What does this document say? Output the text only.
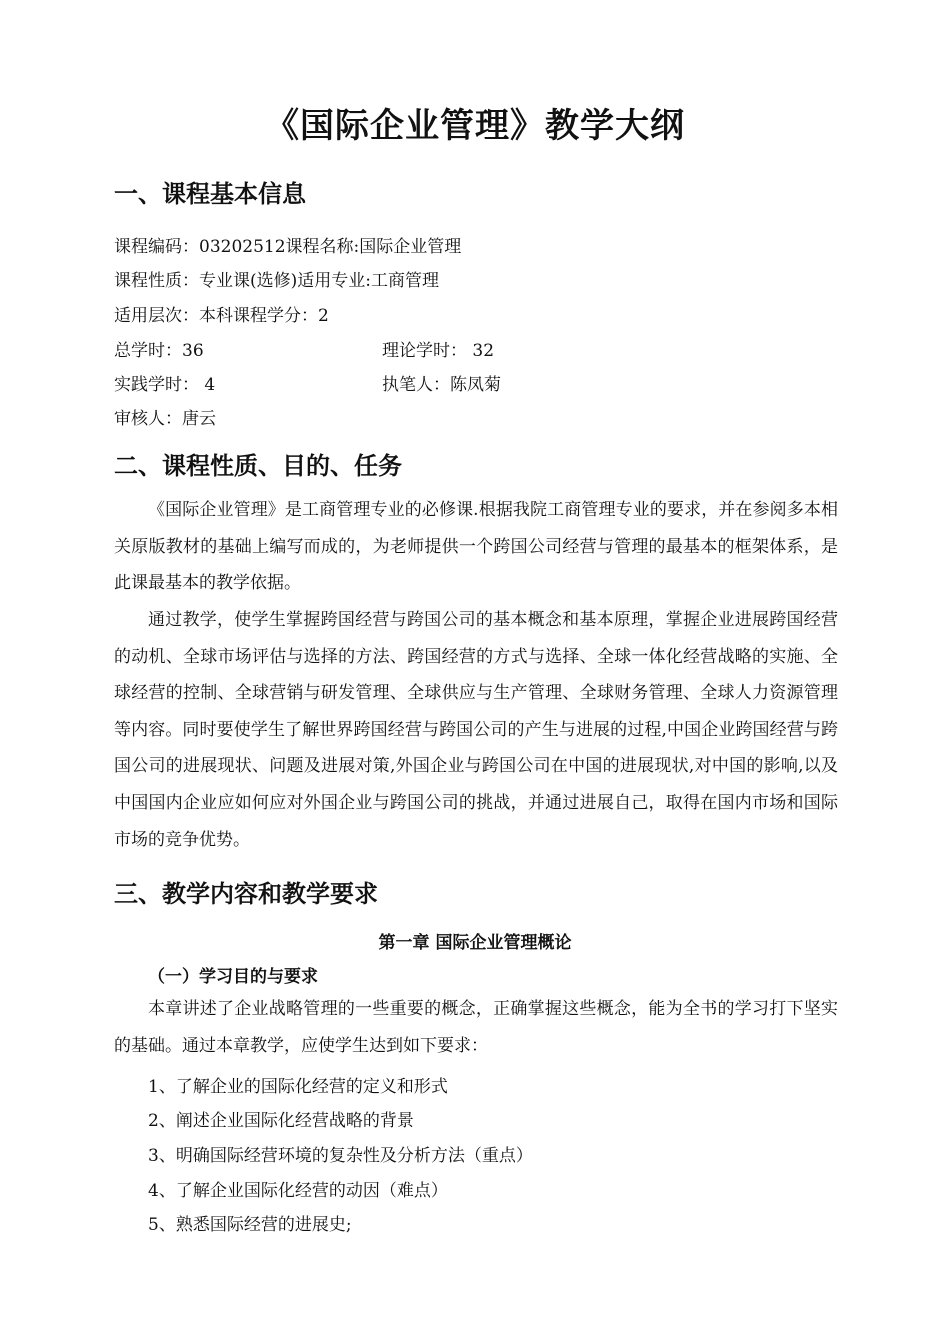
《国际企业管理》教学大纲
一、课程基本信息
课程编码：03202512课程名称:国际企业管理
课程性质：专业课(选修)适用专业:工商管理
适用层次：本科课程学分：2
总学时：36	理论学时： 32
实践学时： 4	执笔人：陈凤菊
审核人：唐云
二、课程性质、目的、任务
《国际企业管理》是工商管理专业的必修课.根据我院工商管理专业的要求，并在参阅多本相关原版教材的基础上编写而成的，为老师提供一个跨国公司经营与管理的最基本的框架体系，是此课最基本的教学依据。
通过教学，使学生掌握跨国经营与跨国公司的基本概念和基本原理，掌握企业进展跨国经营的动机、全球市场评估与选择的方法、跨国经营的方式与选择、全球一体化经营战略的实施、全球经营的控制、全球营销与研发管理、全球供应与生产管理、全球财务管理、全球人力资源管理等内容。同时要使学生了解世界跨国经营与跨国公司的产生与进展的过程,中国企业跨国经营与跨国公司的进展现状、问题及进展对策,外国企业与跨国公司在中国的进展现状,对中国的影响,以及中国国内企业应如何应对外国企业与跨国公司的挑战，并通过进展自己，取得在国内市场和国际市场的竞争优势。
三、教学内容和教学要求
第一章 国际企业管理概论
（一）学习目的与要求
本章讲述了企业战略管理的一些重要的概念，正确掌握这些概念，能为全书的学习打下坚实的基础。通过本章教学，应使学生达到如下要求：
1、了解企业的国际化经营的定义和形式
2、阐述企业国际化经营战略的背景
3、明确国际经营环境的复杂性及分析方法（重点）
4、了解企业国际化经营的动因（难点）
5、熟悉国际经营的进展史;
